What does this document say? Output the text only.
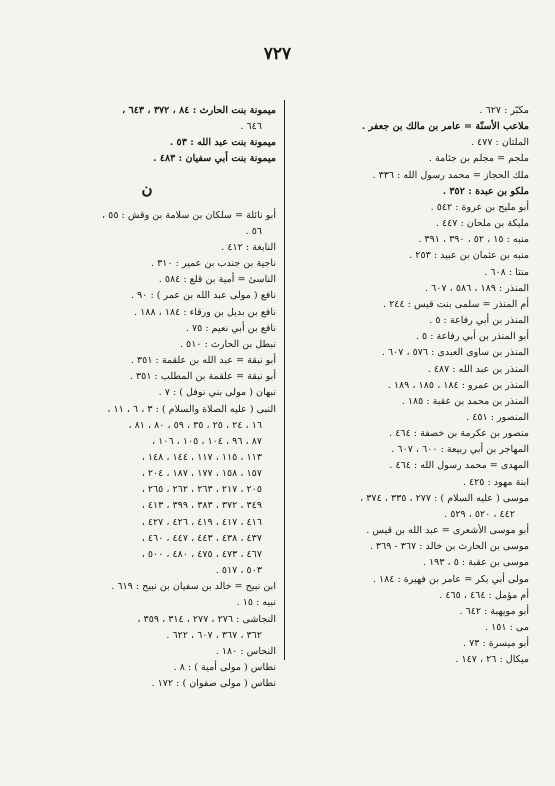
٧٢٧
مكبّر : ٦٢٧ .
ملاعب الأسنّة = عامر بن مالك بن جعفر .
الملتان : ٤٧٧ .
ملجم = مجلم بن جثامة .
ملك الحجاز = محمد رسول الله : ٣٣٦ .
ملكو بن عبدة : ٣٥٢ .
أبو مليح بن عروة : ٥٤٢ .
مليكة بن ملحان : ٤٤٧ .
منبه : ١٥ ، ٥٢ ، ٣٩٠ ، ٣٩١ .
منبه بن عثمان بن عبيد : ٢٥٣ .
منتا : ٦٠٨ .
المنذر : ١٨٩ ، ٥٨٦ ، ٦٠٧ .
أم المنذر = سلمى بنت قيس : ٢٤٤ .
المنذر بن أبي رفاعة : ٥ .
أبو المنذر بن أبي رفاعة : ٥ .
المنذر بن ساوى العبدى : ٥٧٦ ، ٦٠٧ .
المنذر بن عبد الله : ٤٨٧ .
المنذر بن عمرو : ١٨٤ ، ١٨٥ ، ١٨٩ .
المنذر بن محمد بن عقبة : ١٨٥ .
المنصور : ٤٥١ .
منصور بن عكرمة بن خصفة : ٤٦٤ .
المهاجر بن أبي ربيعة : ٦٠٠ ، ٦٠٧ .
المهدى = محمد رسول الله : ٤٦٤ .
ابنة مهود : ٤٢٥ .
موسى ( عليه السلام ) : ٢٧٧ ، ٣٣٥ ، ٣٧٤ ،
٤٤٢ ، ٥٢٠ ، ٥٢٩ .
أبو موسى الأشعرى = عبد الله بن قيس .
موسى بن الحارث بن خالد : ٣٦٧ - ٣٦٩ .
موسى بن عقبة : ٥ ، ١٩٣ .
مولى أبي بكر = عامر بن فهيرة : ١٨٤ .
أم مؤمل : ٤٦٤ ، ٤٦٥ .
أبو مويهبة : ٦٤٢ .
مى : ١٥١ .
أبو ميسرة : ٧٣ .
ميكال : ٢٦ ، ١٤٧ .
ميمونة بنت الحارث : ٨٤ ، ٣٧٢ ، ٦٤٣ ،
٦٤٦ .
ميمونة بنت عبد الله : ٥٣ .
ميمونة بنت أبي سفيان : ٤٨٣ .
ن
أبو نائلة = سلكان بن سلامة بن وقش : ٥٥ ،
٥٦ .
النابغة : ٤١٢ .
ناجية بن جندب بن عمير : ٣١٠ .
الناسئ = أمية بن قلع : ٥٨٤ .
نافع ( مولى عبد الله بن عمر ) : ٩٠ .
نافع بن بديل بن ورقاء : ١٨٤ ، ١٨٨ .
نافع بن أبي نعيم : ٧٥ .
نبطل بن الحارث : ٥١٠ .
أبو نبقة = عبد الله بن علقمة : ٣٥١ .
أبو نبقة = علقمة بن المطلب : ٣٥١ .
نبهان ( مولى بني نوفل ) : ٧ .
النبى ( عليه الصلاة والسلام ) : ٣ ، ٦ ، ١١ ،
١٦ ، ٢٤ ، ٢٥ ، ٣٥ ، ٥٩ ، ٨٠ ، ٨١ ،
٨٧ ، ٩٦ ، ١٠٤ ، ١٠٥ ، ١٠٦ ،
١١٣ ، ١١٥ ، ١١٧ ، ١٤٤ ، ١٤٨ ،
١٥٧ ، ١٥٨ ، ١٧٧ ، ١٨٧ ، ٢٠٤ ،
٢٠٥ ، ٢١٧ ، ٢٦٣ ، ٢٦٢ ، ٢٦٥ ،
٣٤٩ ، ٣٧٢ ، ٣٨٣ ، ٣٩٩ ، ٤١٣ ،
٤١٦ ، ٤١٧ ، ٤١٩ ، ٤٢٦ ، ٤٢٧ ،
٤٣٧ ، ٤٣٨ ، ٤٤٣ ، ٤٤٧ ، ٤٦٠ ،
٤٦٧ ، ٤٧٣ ، ٤٧٥ ، ٤٨٠ ، ٥٠٠ ،
٥٠٣ ، ٥١٧ .
ابن نبيح = خالد بن سفيان بن نبيح : ٦١٩ .
نبيه : ١٥ .
النجاشى : ٢٧٦ ، ٢٧٧ ، ٣١٤ ، ٣٥٩ ،
٣٦٢ ، ٣٦٧ ، ٦٠٧ ، ٦٢٢ .
النحاس : ١٨٠ .
نطاس ( مولى أمية ) : ٨ .
نطاس ( مولى صفوان ) : ١٧٢ .
